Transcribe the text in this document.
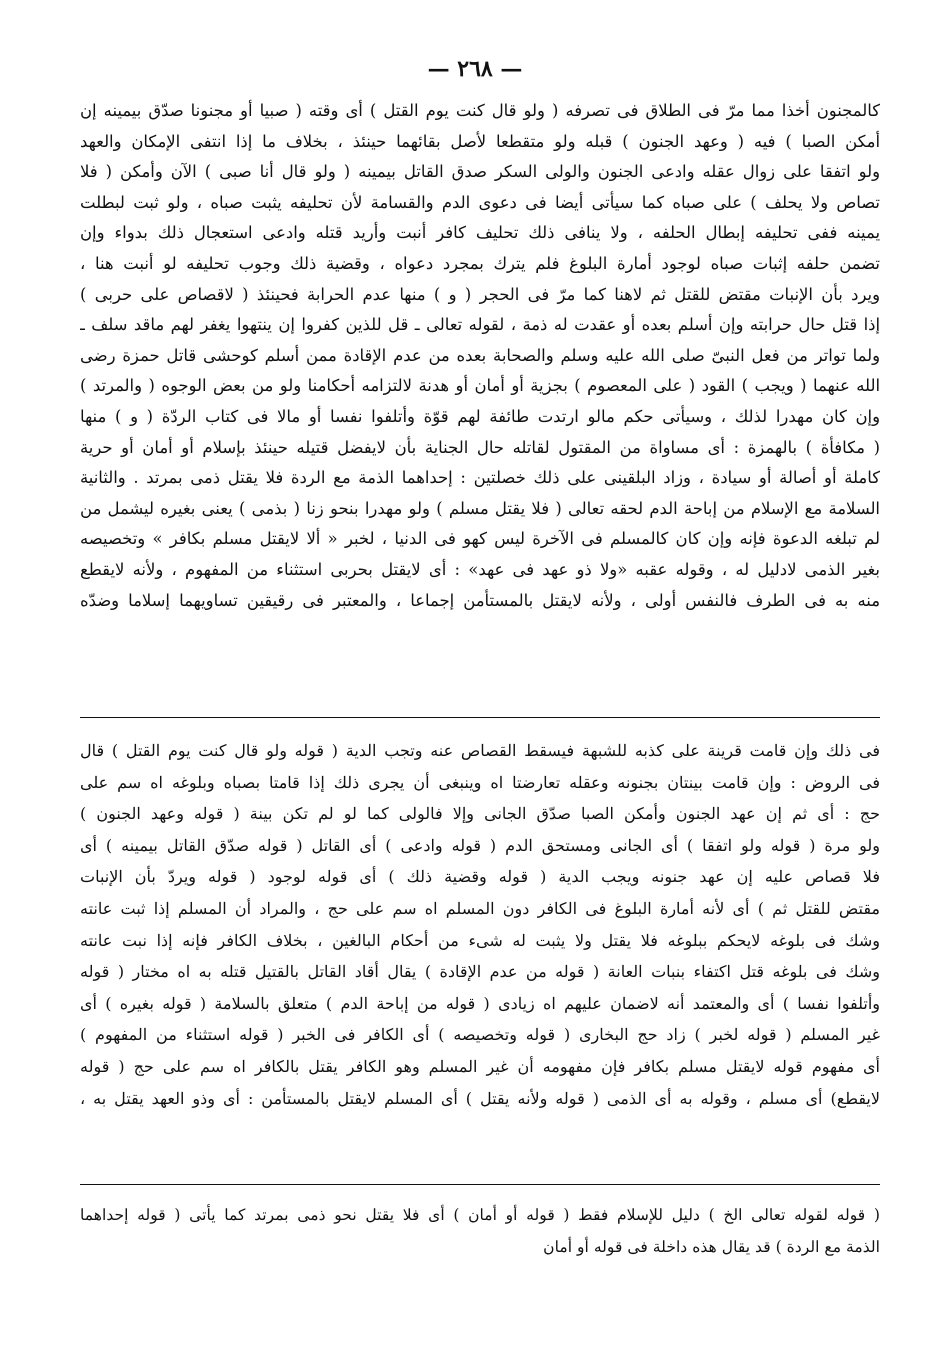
— ٢٦٨ —
كالمجنون أخذا مما مرّ فى الطلاق فى تصرفه ( ولو قال كنت يوم القتل ) أى وقته ( صبيا أو مجنونا صدّق بيمينه إن
أمكن الصبا ) فيه ( وعهد الجنون ) قبله ولو متقطعا لأصل بقائهما حينئذ ، بخلاف ما إذا انتفى الإمكان والعهد
ولو اتفقا على زوال عقله وادعى الجنون والولى السكر صدق القاتل بيمينه ( ولو قال أنا صبى ) الآن وأمكن ( فلا
تصاص ولا يحلف ) على صباه كما سيأتى أيضا فى دعوى الدم والقسامة لأن تحليفه يثبت صباه ، ولو ثبت لبطلت
يمينه ففى تحليفه إبطال الحلفه ، ولا ينافى ذلك تحليف كافر أنبت وأريد قتله وادعى استعجال ذلك بدواء وإن
تضمن حلفه إثبات صباه لوجود أمارة البلوغ فلم يترك بمجرد دعواه ، وقضية ذلك وجوب تحليفه لو أنبت هنا ،
ويرد بأن الإنبات مقتض للقتل ثم لاهنا كما مرّ فى الحجر ( و ) منها عدم الحرابة فحينئذ ( لاقصاص على حربى )
إذا قتل حال حرابته وإن أسلم بعده أو عقدت له ذمة ، لقوله تعالى ـ قل للذين كفروا إن ينتهوا يغفر لهم ماقد سلف ـ
ولما تواتر من فعل النبىّ صلى الله عليه وسلم والصحابة بعده من عدم الإقادة ممن أسلم كوحشى قاتل حمزة رضى
الله عنهما ( ويجب ) القود ( على المعصوم ) بجزية أو أمان أو هدنة لالتزامه أحكامنا ولو من بعض الوجوه ( والمرتد )
وإن كان مهدرا لذلك ، وسيأتى حكم مالو ارتدت طائفة لهم قوّة وأتلفوا نفسا أو مالا فى كتاب الردّة ( و ) منها
( مكافأة ) بالهمزة : أى مساواة من المقتول لقاتله حال الجناية بأن لايفضل قتيله حينئذ بإسلام أو أمان أو حرية
كاملة أو أصالة أو سيادة ، وزاد البلقينى على ذلك خصلتين : إحداهما الذمة مع الردة فلا يقتل ذمى بمرتد . والثانية
السلامة مع الإسلام من إباحة الدم لحقه تعالى ( فلا يقتل مسلم ) ولو مهدرا بنحو زنا ( بذمى ) يعنى بغيره ليشمل من
لم تبلغه الدعوة فإنه وإن كان كالمسلم فى الآخرة ليس كهو فى الدنيا ، لخبر « ألا لايقتل مسلم بكافر » وتخصيصه
بغير الذمى لادليل له ، وقوله عقبه «ولا ذو عهد فى عهد» : أى لايقتل بحربى استثناء من المفهوم ، ولأنه لايقطع
منه به فى الطرف فالنفس أولى ، ولأنه لايقتل بالمستأمن إجماعا ، والمعتبر فى رقيقين تساويهما إسلاما وضدّه
فى ذلك وإن قامت قرينة على كذبه للشبهة فيسقط القصاص عنه وتجب الدية ( قوله ولو قال كنت يوم القتل ) قال
فى الروض : وإن قامت بينتان بجنونه وعقله تعارضتا اه وينبغى أن يجرى ذلك إذا قامتا بصباه وبلوغه اه سم على
حج : أى ثم إن عهد الجنون وأمكن الصبا صدّق الجانى وإلا فالولى كما لو لم تكن بينة ( قوله وعهد الجنون )
ولو مرة ( قوله ولو اتفقا ) أى الجانى ومستحق الدم ( قوله وادعى ) أى القاتل ( قوله صدّق القاتل بيمينه ) أى
فلا قصاص عليه إن عهد جنونه ويجب الدية ( قوله وقضية ذلك ) أى قوله لوجود ( قوله ويردّ بأن الإنبات
مقتض للقتل ثم ) أى لأنه أمارة البلوغ فى الكافر دون المسلم اه سم على حج ، والمراد أن المسلم إذا ثبت عانته
وشك فى بلوغه لايحكم ببلوغه فلا يقتل ولا يثبت له شىء من أحكام البالغين ، بخلاف الكافر فإنه إذا نبت عانته
وشك فى بلوغه قتل اكتفاء بنبات العانة ( قوله من عدم الإقادة ) يقال أقاد القاتل بالقتيل قتله به اه مختار ( قوله
وأتلفوا نفسا ) أى والمعتمد أنه لاضمان عليهم اه زيادى ( قوله من إباحة الدم ) متعلق بالسلامة ( قوله بغيره ) أى
غير المسلم ( قوله لخبر ) زاد حج البخارى ( قوله وتخصيصه ) أى الكافر فى الخبر ( قوله استثناء من المفهوم )
أى مفهوم قوله لايقتل مسلم بكافر فإن مفهومه أن غير المسلم وهو الكافر يقتل بالكافر اه سم على حج ( قوله
لايقطع) أى مسلم ، وقوله به أى الذمى ( قوله ولأنه يقتل ) أى المسلم لايقتل بالمستأمن : أى وذو العهد يقتل به ،
( قوله لقوله تعالى الخ ) دليل للإسلام فقط ( قوله أو أمان ) أى فلا يقتل نحو ذمى بمرتد كما يأتى ( قوله إحداهما
الذمة مع الردة ) قد يقال هذه داخلة فى قوله أو أمان
